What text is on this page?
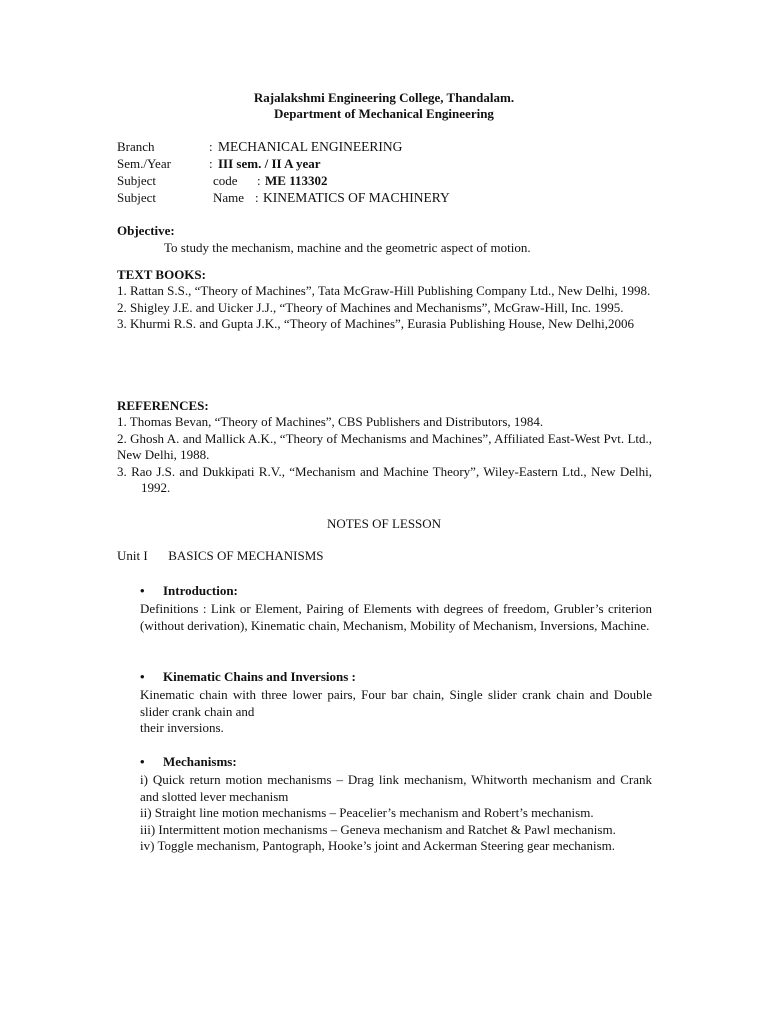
Rajalakshmi Engineering College, Thandalam.
Department of Mechanical Engineering
Branch	: MECHANICAL ENGINEERING
Sem./Year	: III sem. / II A year
Subject	code : ME 113302
Subject	Name : KINEMATICS OF MACHINERY
Objective:
To study the mechanism, machine and the geometric aspect of motion.
TEXT BOOKS:

1. Rattan S.S., “Theory of Machines”, Tata McGraw-Hill Publishing Company Ltd., New Delhi, 1998.

2. Shigley J.E. and Uicker J.J., “Theory of Machines and Mechanisms”, McGraw-Hill, Inc. 1995.

3. Khurmi R.S. and Gupta J.K., “Theory of Machines”, Eurasia Publishing House, New Delhi,2006

REFERENCES:

1. Thomas Bevan, “Theory of Machines”, CBS Publishers and Distributors, 1984.

2. Ghosh A. and Mallick A.K., “Theory of Mechanisms and Machines”, Affiliated East-West Pvt. Ltd., New Delhi, 1988.

3. Rao J.S. and Dukkipati R.V., “Mechanism and Machine Theory”, Wiley-Eastern Ltd., New Delhi, 1992.

NOTES OF LESSON
Unit I BASICS OF MECHANISMS
• Introduction:

Definitions : Link or Element, Pairing of Elements with degrees of freedom, Grubler’s criterion (without derivation), Kinematic chain, Mechanism, Mobility of Mechanism, Inversions, Machine.

• Kinematic Chains and Inversions :

Kinematic chain with three lower pairs, Four bar chain, Single slider crank chain and Double slider crank chain and

their inversions.

• Mechanisms:

i) Quick return motion mechanisms – Drag link mechanism, Whitworth mechanism and Crank and slotted lever mechanism

ii) Straight line motion mechanisms – Peacelier’s mechanism and Robert’s mechanism.

iii) Intermittent motion mechanisms – Geneva mechanism and Ratchet & Pawl mechanism.

iv) Toggle mechanism, Pantograph, Hooke’s joint and Ackerman Steering gear mechanism.
